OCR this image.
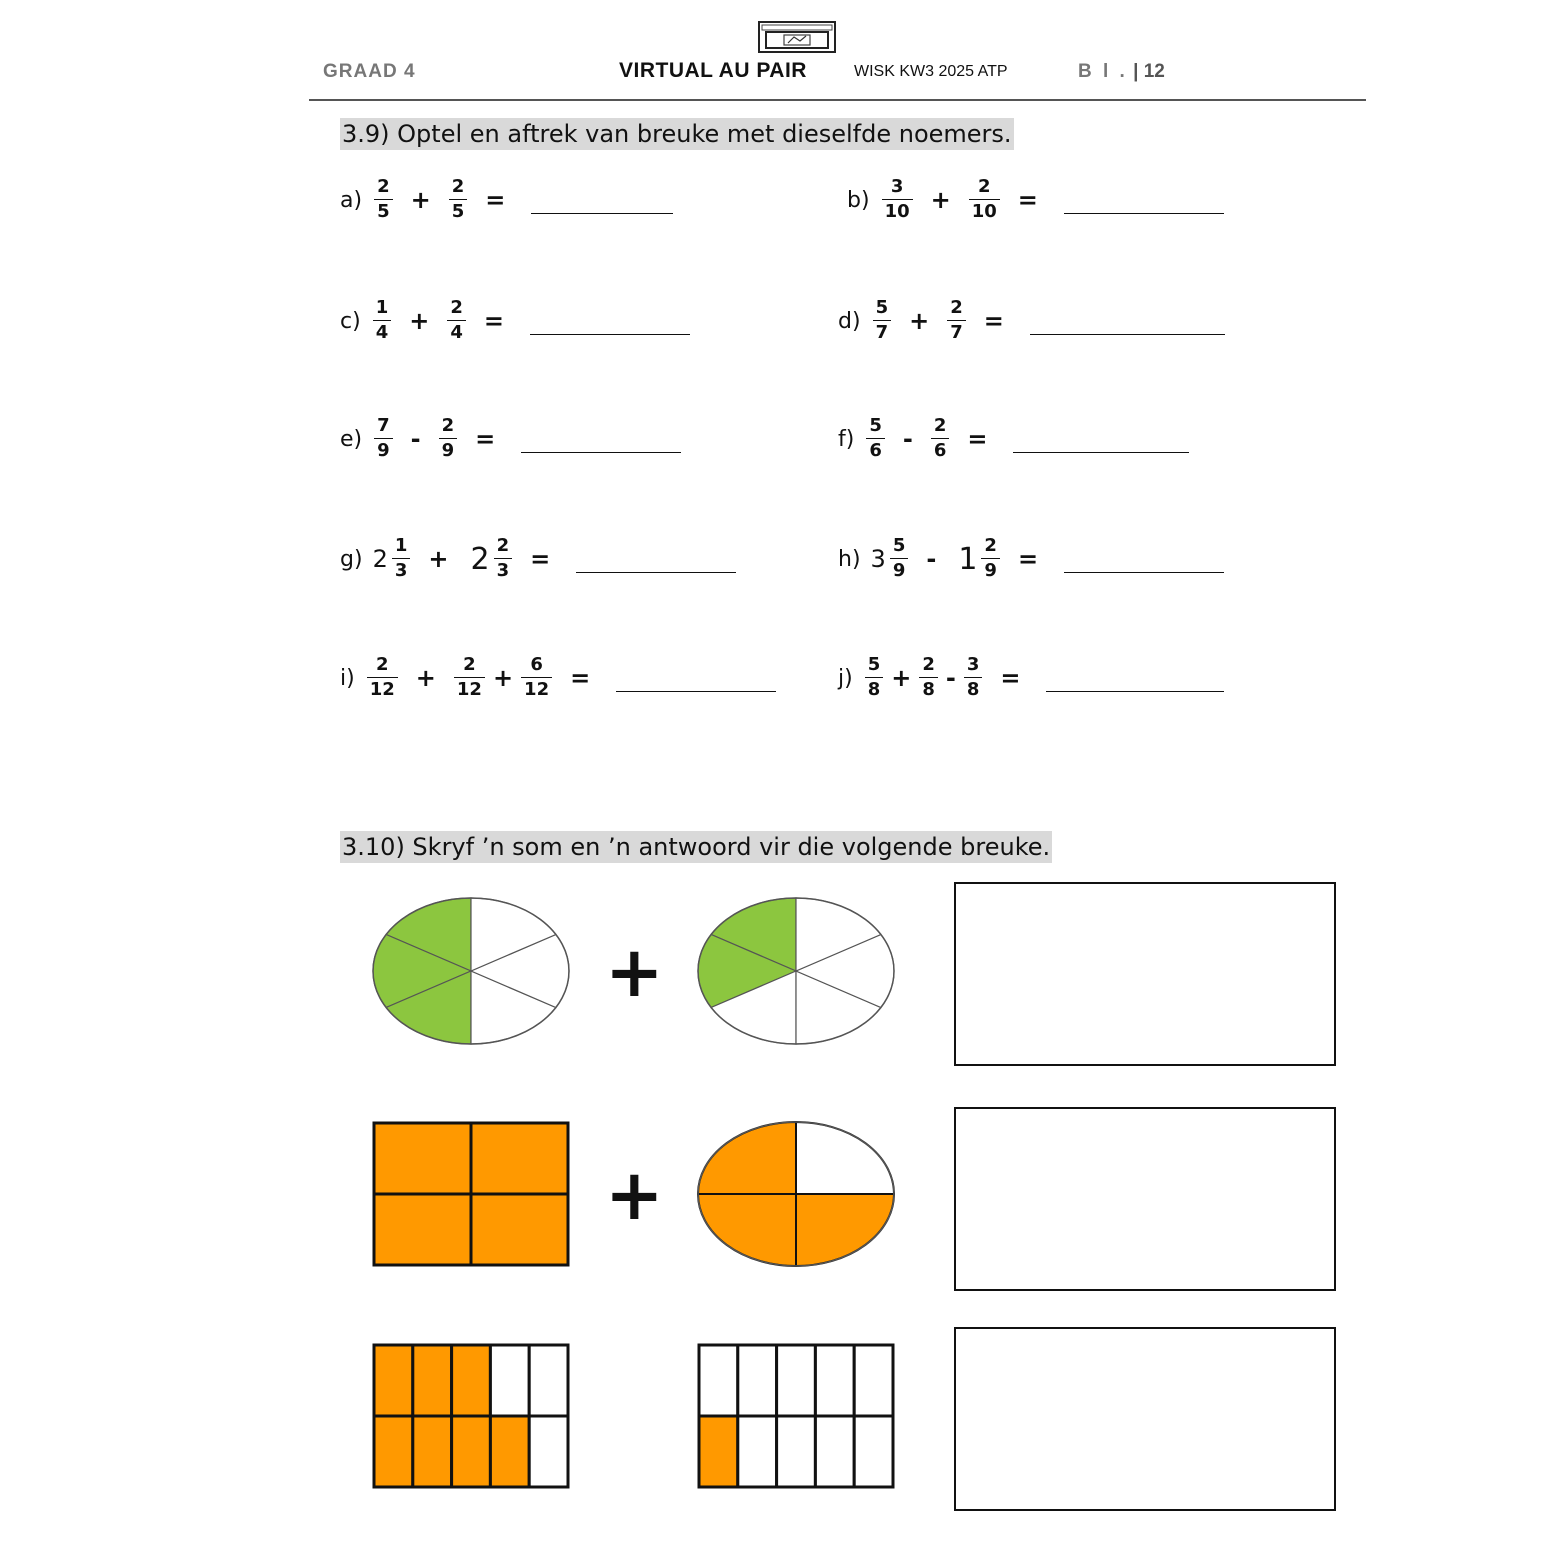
GRAAD 4	VIRTUAL AU PAIR	WISK KW3 2025 ATP	B l . | 12
3.9) Optel en aftrek van breuke met dieselfde noemers.
$a) \frac{2}{5} + \frac{2}{5}$ =	$b) \frac{3}{10} + \frac{2}{10}$ =
$c) \frac{1}{4} + \frac{2}{4}$ =	$d) \frac{5}{7} + \frac{2}{7}$ =
$e) \frac{7}{9} - \frac{2}{9}$ =	$f) \frac{5}{6} - \frac{2}{6}$ =
g) $2 \frac{1}{3} + 2 \frac{2}{3}$ =	h) $3 \frac{5}{9} - 1 \frac{2}{9}$ =
$i) \frac{2}{12} + \frac{2}{12} + \frac{6}{12}$ =	$j) \frac{5}{8} + \frac{2}{8} - \frac{3}{8}$ =
3.10) Skryf ’n som en ’n antwoord vir die volgende breuke.
+
+
